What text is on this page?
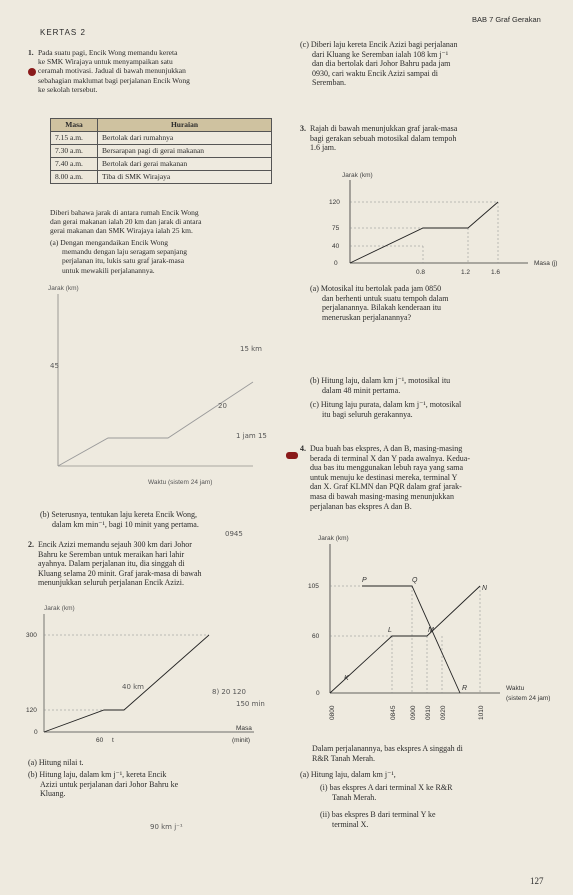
KERTAS 2
BAB 7 Graf Gerakan
1. Pada suatu pagi, Encik Wong memandu kereta

ke SMK Wirajaya untuk menyampaikan satu

ceramah motivasi. Jadual di bawah menunjukkan

sebahagian maklumat bagi perjalanan Encik Wong

ke sekolah tersebut.

Masa	Huraian
7.15 a.m.	Bertolak dari rumahnya
7.30 a.m.	Bersarapan pagi di gerai makanan
7.40 a.m.	Bertolak dari gerai makanan
8.00 a.m.	Tiba di SMK Wirajaya

Diberi bahawa jarak di antara rumah Encik Wong

dan gerai makanan ialah 20 km dan jarak di antara

gerai makanan dan SMK Wirajaya ialah 25 km.

(a) Dengan mengandaikan Encik Wong

memandu dengan laju seragam sepanjang

perjalanan itu, lukis satu graf jarak-masa

untuk mewakili perjalanannya.

Jarak (km)
Waktu (sistem 24 jam)

(b) Seterusnya, tentukan laju kereta Encik Wong,

dalam km min⁻¹, bagi 10 minit yang pertama.

2. Encik Azizi memandu sejauh 300 km dari Johor

Bahru ke Seremban untuk meraikan hari lahir

ayahnya. Dalam perjalanan itu, dia singgah di

Kluang selama 20 minit. Graf jarak-masa di bawah

menunjukkan seluruh perjalanan Encik Azizi.

Jarak (km)
300
120
0
t
60
Masa
(minit)
(a) Hitung nilai t.

(b) Hitung laju, dalam km j⁻¹, kereta Encik

Azizi untuk perjalanan dari Johor Bahru ke

Kluang.

15 km
1 jam 15
20
0945
40 km
90 km j⁻¹
150 min
8) 20 120
45

(c) Diberi laju kereta Encik Azizi bagi perjalanan

dari Kluang ke Seremban ialah 108 km j⁻¹

dan dia bertolak dari Johor Bahru pada jam

0930, cari waktu Encik Azizi sampai di

Seremban.

3. Rajah di bawah menunjukkan graf jarak-masa

bagi gerakan sebuah motosikal dalam tempoh

1.6 jam.

Jarak (km)
120
75
40
0
0.8	1.2	1.6
Masa (j)

(a) Motosikal itu bertolak pada jam 0850

dan berhenti untuk suatu tempoh dalam

perjalanannya. Bilakah kenderaan itu

meneruskan perjalanannya?

(b) Hitung laju, dalam km j⁻¹, motosikal itu

dalam 48 minit pertama.

(c) Hitung laju purata, dalam km j⁻¹, motosikal

itu bagi seluruh gerakannya.

4. Dua buah bas ekspres, A dan B, masing-masing

berada di terminal X dan Y pada awalnya. Kedua-

dua bas itu menggunakan lebuh raya yang sama

untuk menuju ke destinasi mereka, terminal Y

dan X. Graf KLMN dan PQR dalam graf jarak-

masa di bawah masing-masing menunjukkan

perjalanan bas ekspres A dan B.

Jarak (km)
105
60
0
P	Q
N
L	M
K
R	Waktu
(sistem 24 jam)
0800	0845 0900 0910 0920	1010

Dalam perjalanannya, bas ekspres A singgah di

R&R Tanah Merah.

(a) Hitung laju, dalam km j⁻¹,

(i) bas ekspres A dari terminal X ke R&R

Tanah Merah.

(ii) bas ekspres B dari terminal Y ke

terminal X.

127
